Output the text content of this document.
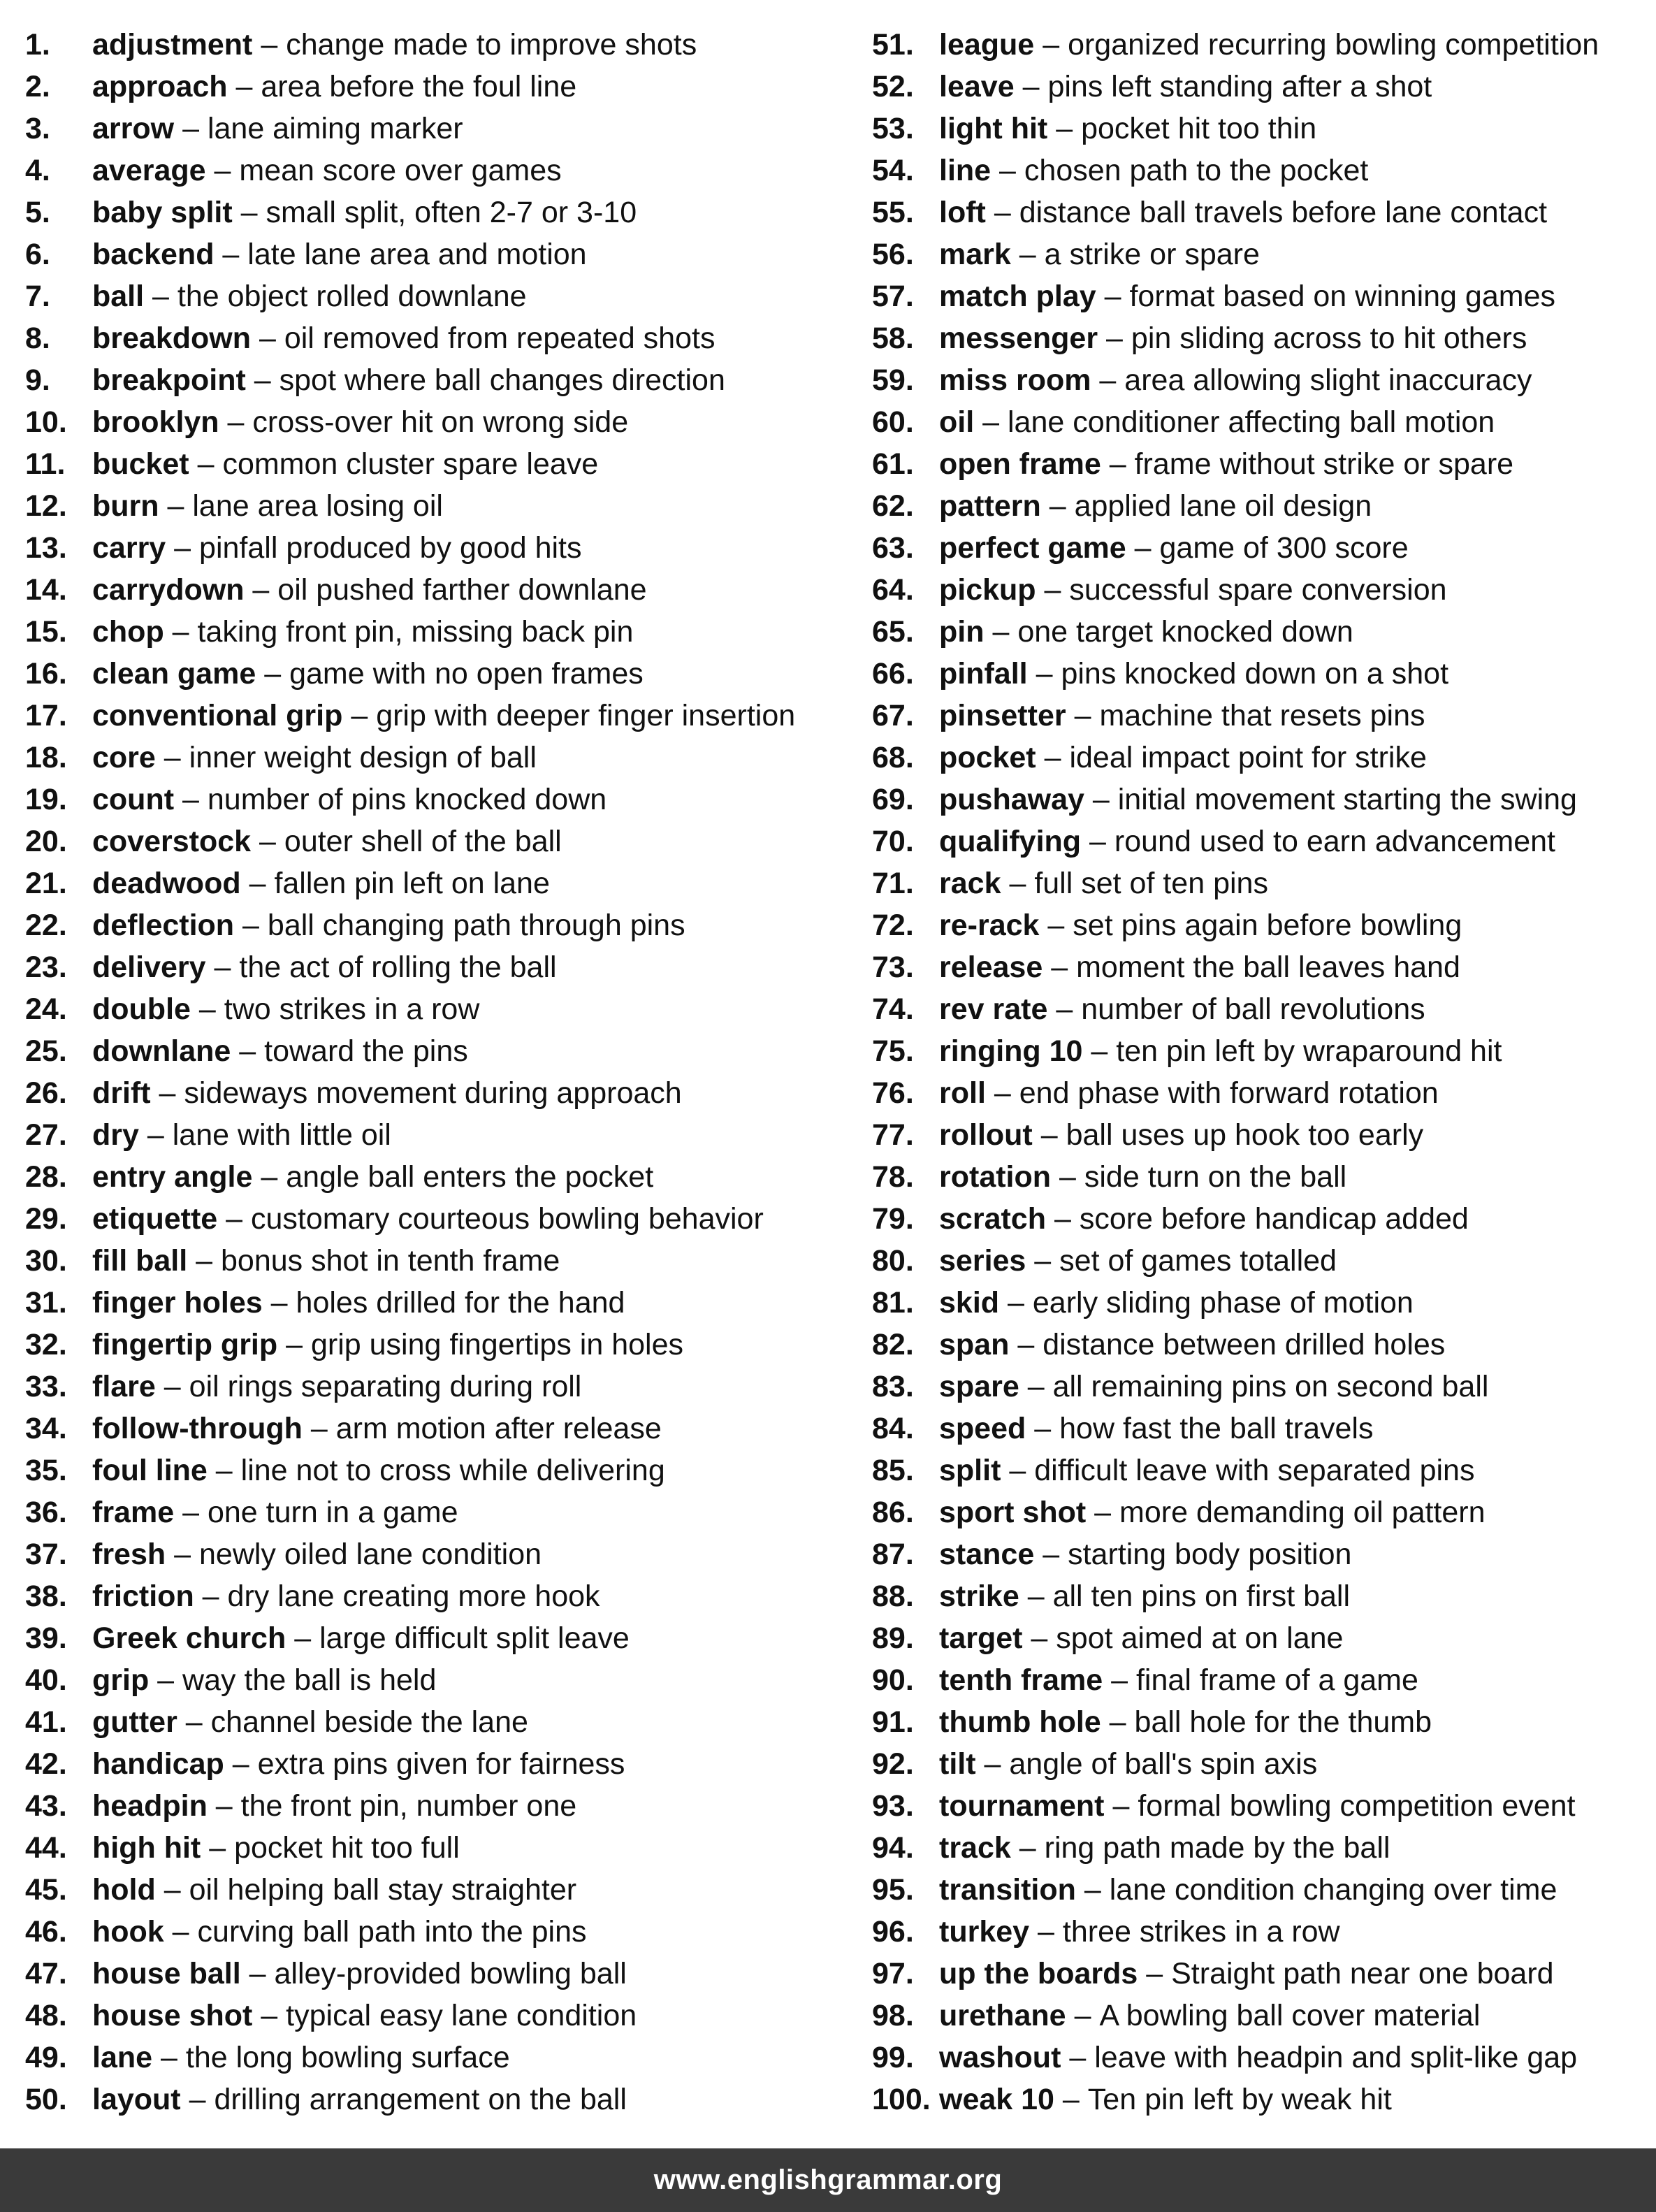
1.	adjustment – change made to improve shots
2.	approach – area before the foul line
3.	arrow – lane aiming marker
4.	average – mean score over games
5.	baby split – small split, often 2-7 or 3-10
6.	backend – late lane area and motion
7.	ball – the object rolled downlane
8.	breakdown – oil removed from repeated shots
9.	breakpoint – spot where ball changes direction
10. brooklyn – cross-over hit on wrong side
11. bucket – common cluster spare leave
12. burn – lane area losing oil
13. carry – pinfall produced by good hits
14. carrydown – oil pushed farther downlane
15. chop – taking front pin, missing back pin
16. clean game – game with no open frames
17. conventional grip – grip with deeper finger insertion
18. core – inner weight design of ball
19. count – number of pins knocked down
20. coverstock – outer shell of the ball
21. deadwood – fallen pin left on lane
22. deflection – ball changing path through pins
23. delivery – the act of rolling the ball
24. double – two strikes in a row
25. downlane – toward the pins
26. drift – sideways movement during approach
27. dry – lane with little oil
28. entry angle – angle ball enters the pocket
29. etiquette – customary courteous bowling behavior
30. fill ball – bonus shot in tenth frame
31. finger holes – holes drilled for the hand
32. fingertip grip – grip using fingertips in holes
33. flare – oil rings separating during roll
34. follow-through – arm motion after release
35. foul line – line not to cross while delivering
36. frame – one turn in a game
37. fresh – newly oiled lane condition
38. friction – dry lane creating more hook
39. Greek church – large difficult split leave
40. grip – way the ball is held
41. gutter – channel beside the lane
42. handicap – extra pins given for fairness
43. headpin – the front pin, number one
44. high hit – pocket hit too full
45. hold – oil helping ball stay straighter
46. hook – curving ball path into the pins
47. house ball – alley-provided bowling ball
48. house shot – typical easy lane condition
49. lane – the long bowling surface
50. layout – drilling arrangement on the ball
51. league – organized recurring bowling competition
52. leave – pins left standing after a shot
53. light hit – pocket hit too thin
54. line – chosen path to the pocket
55. loft – distance ball travels before lane contact
56. mark – a strike or spare
57. match play – format based on winning games
58. messenger – pin sliding across to hit others
59. miss room – area allowing slight inaccuracy
60. oil – lane conditioner affecting ball motion
61. open frame – frame without strike or spare
62. pattern – applied lane oil design
63. perfect game – game of 300 score
64. pickup – successful spare conversion
65. pin – one target knocked down
66. pinfall – pins knocked down on a shot
67. pinsetter – machine that resets pins
68. pocket – ideal impact point for strike
69. pushaway – initial movement starting the swing
70. qualifying – round used to earn advancement
71. rack – full set of ten pins
72. re-rack – set pins again before bowling
73. release – moment the ball leaves hand
74. rev rate – number of ball revolutions
75. ringing 10 – ten pin left by wraparound hit
76. roll – end phase with forward rotation
77. rollout – ball uses up hook too early
78. rotation – side turn on the ball
79. scratch – score before handicap added
80. series – set of games totalled
81. skid – early sliding phase of motion
82. span – distance between drilled holes
83. spare – all remaining pins on second ball
84. speed – how fast the ball travels
85. split – difficult leave with separated pins
86. sport shot – more demanding oil pattern
87. stance – starting body position
88. strike – all ten pins on first ball
89. target – spot aimed at on lane
90. tenth frame – final frame of a game
91. thumb hole – ball hole for the thumb
92. tilt – angle of ball's spin axis
93. tournament – formal bowling competition event
94. track – ring path made by the ball
95. transition – lane condition changing over time
96. turkey – three strikes in a row
97. up the boards – Straight path near one board
98. urethane – A bowling ball cover material
99. washout – leave with headpin and split-like gap
100. weak 10 – Ten pin left by weak hit
www.englishgrammar.org
